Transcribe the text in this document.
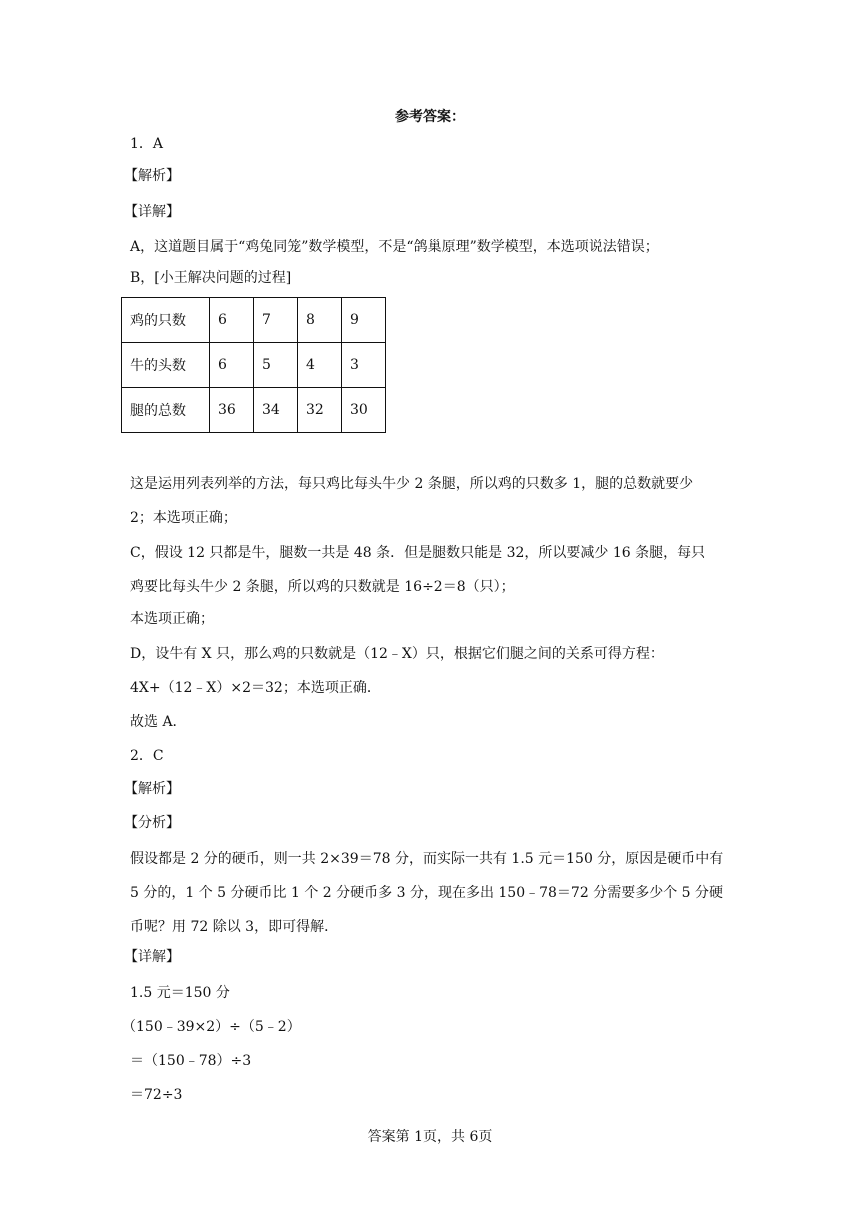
参考答案：
1．A
【解析】
【详解】
A，这道题目属于“鸡兔同笼”数学模型，不是“鸽巢原理”数学模型，本选项说法错误；
B，[小王解决问题的过程]
鸡的只数	6	7	8	9
牛的头数	6	5	4	3
腿的总数	36	34	32	30
这是运用列表列举的方法，每只鸡比每头牛少 2 条腿，所以鸡的只数多 1，腿的总数就要少
2；本选项正确；
C，假设 12 只都是牛，腿数一共是 48 条．但是腿数只能是 32，所以要减少 16 条腿，每只
鸡要比每头牛少 2 条腿，所以鸡的只数就是 16÷2＝8（只）；
本选项正确；
D，设牛有 X 只，那么鸡的只数就是（12﹣X）只，根据它们腿之间的关系可得方程：
4X+（12﹣X）×2＝32；本选项正确．
故选 A．
2．C
【解析】
【分析】
假设都是 2 分的硬币，则一共 2×39＝78 分，而实际一共有 1.5 元＝150 分，原因是硬币中有
5 分的，1 个 5 分硬币比 1 个 2 分硬币多 3 分，现在多出 150﹣78＝72 分需要多少个 5 分硬
币呢？用 72 除以 3，即可得解．
【详解】
1.5 元＝150 分
（150﹣39×2）÷（5﹣2）
＝（150﹣78）÷3
＝72÷3
答案第 1页，共 6页
